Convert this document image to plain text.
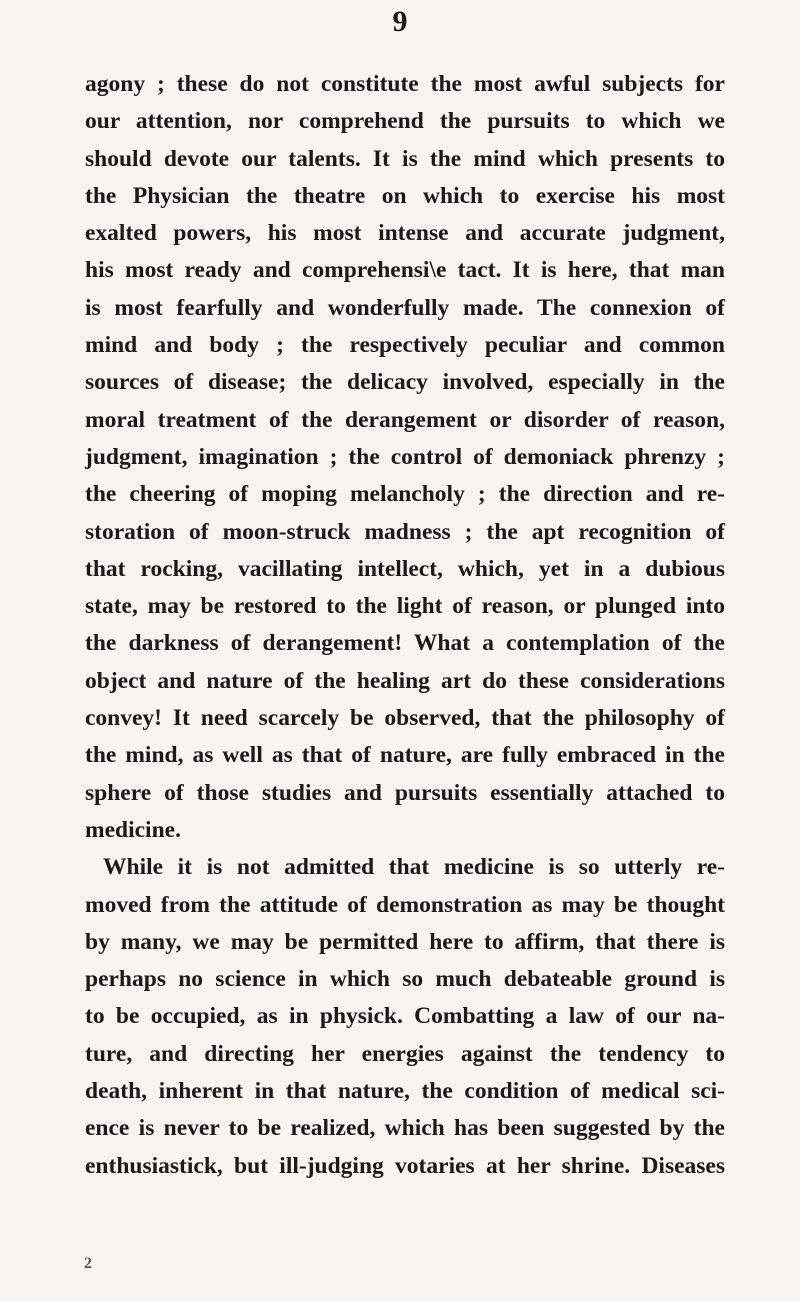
9
agony ; these do not constitute the most awful subjects for
our attention, nor comprehend the pursuits to which we
should devote our talents. It is the mind which presents to
the Physician the theatre on which to exercise his most
exalted powers, his most intense and accurate judgment,
his most ready and comprehensi\e tact. It is here, that man
is most fearfully and wonderfully made. The connexion of
mind and body ; the respectively peculiar and common
sources of disease; the delicacy involved, especially in the
moral treatment of the derangement or disorder of reason,
judgment, imagination ; the control of demoniack phrenzy ;
the cheering of moping melancholy ; the direction and re-
storation of moon-struck madness ; the apt recognition of
that rocking, vacillating intellect, which, yet in a dubious
state, may be restored to the light of reason, or plunged into
the darkness of derangement! What a contemplation of the
object and nature of the healing art do these considerations
convey! It need scarcely be observed, that the philosophy of
the mind, as well as that of nature, are fully embraced in the
sphere of those studies and pursuits essentially attached to
medicine.
While it is not admitted that medicine is so utterly re-
moved from the attitude of demonstration as may be thought
by many, we may be permitted here to affirm, that there is
perhaps no science in which so much debateable ground is
to be occupied, as in physick. Combatting a law of our na-
ture, and directing her energies against the tendency to
death, inherent in that nature, the condition of medical sci-
ence is never to be realized, which has been suggested by the
enthusiastick, but ill-judging votaries at her shrine. Diseases
2
